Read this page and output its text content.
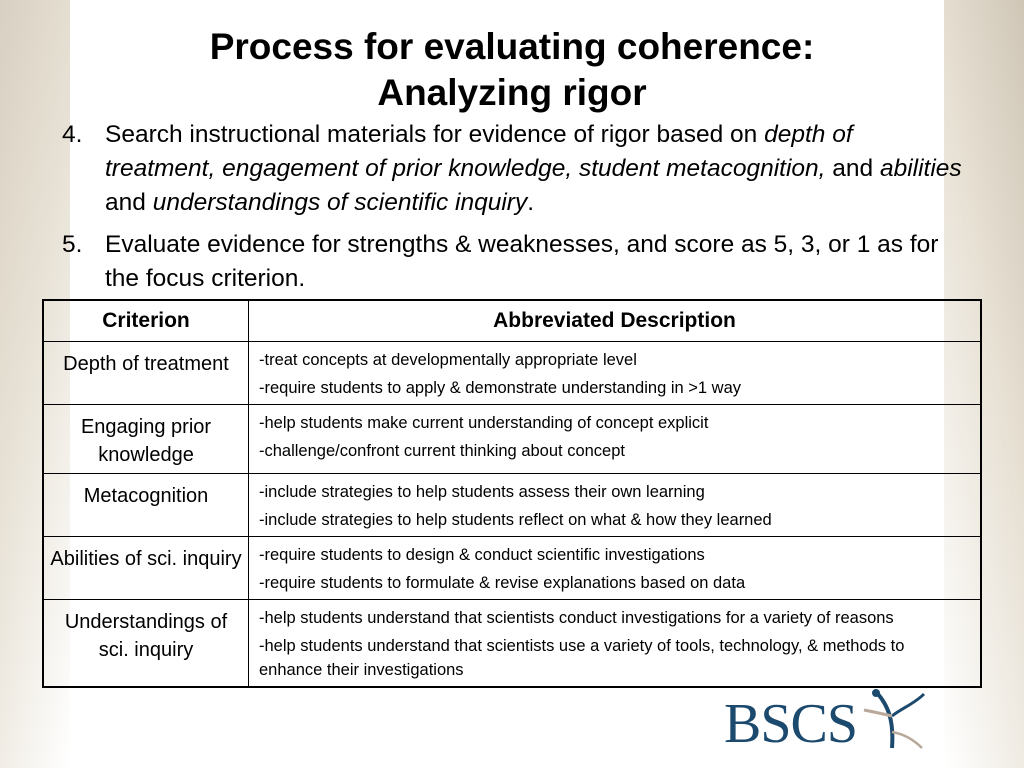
Process for evaluating coherence:
Analyzing rigor
4. Search instructional materials for evidence of rigor based on depth of treatment, engagement of prior knowledge, student metacognition, and abilities and understandings of scientific inquiry.
5. Evaluate evidence for strengths & weaknesses, and score as 5, 3, or 1 as for the focus criterion.
Criterion	Abbreviated Description
Depth of treatment	-treat concepts at developmentally appropriate level
-require students to apply & demonstrate understanding in >1 way

Engaging prior knowledge	-help students make current understanding of concept explicit
-challenge/confront current thinking about concept

Metacognition	-include strategies to help students assess their own learning
-include strategies to help students reflect on what & how they learned

Abilities of sci. inquiry	-require students to design & conduct scientific investigations
-require students to formulate & revise explanations based on data

Understandings of sci. inquiry	-help students understand that scientists conduct investigations for a variety of reasons
-help students understand that scientists use a variety of tools, technology, & methods to enhance their investigations
BSCS
